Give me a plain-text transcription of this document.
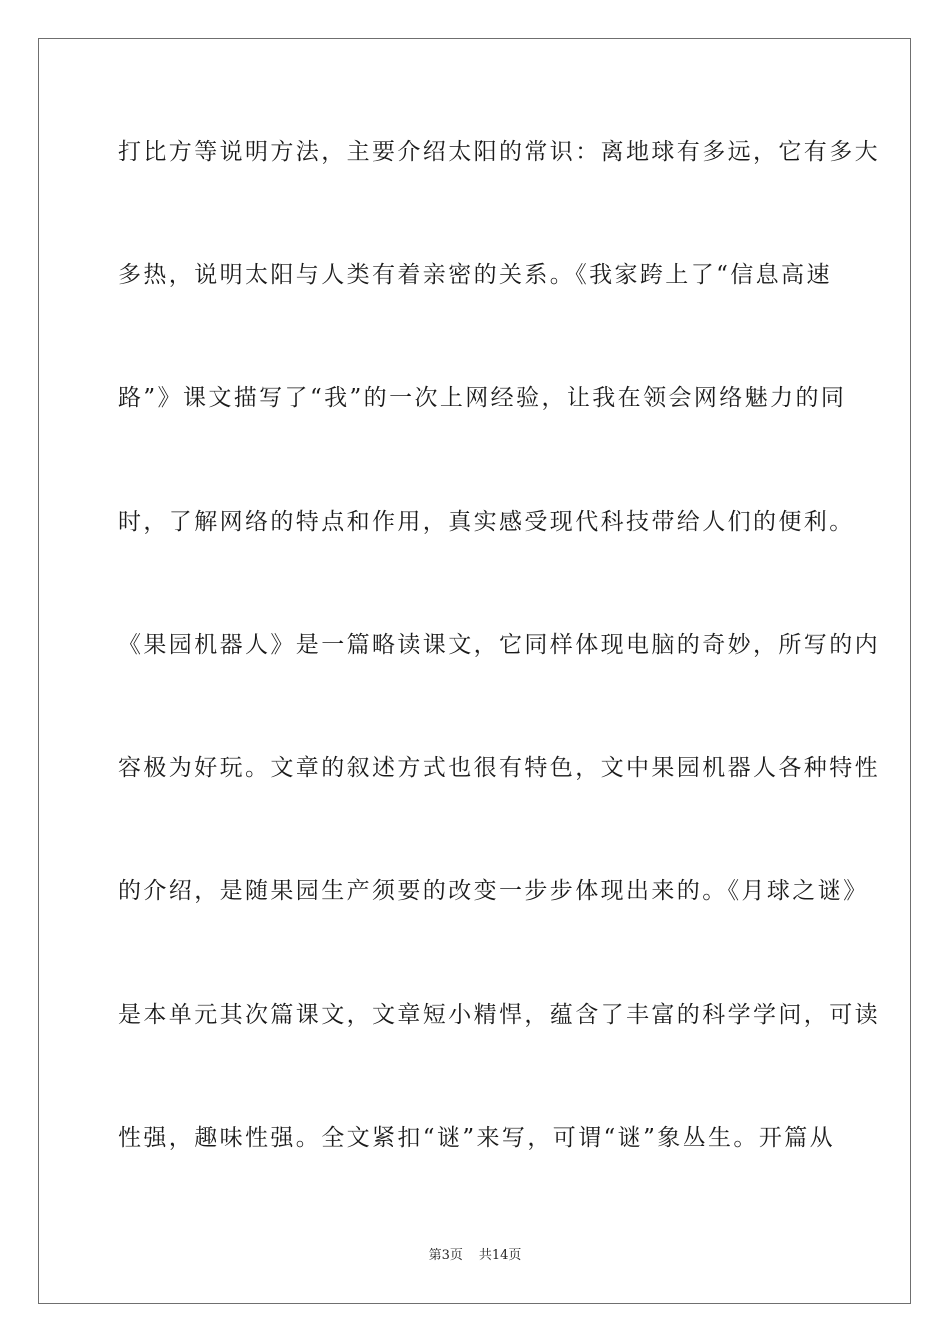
打比方等说明方法，主要介绍太阳的常识：离地球有多远，它有多大
多热，说明太阳与人类有着亲密的关系。《我家跨上了“信息高速
路”》课文描写了“我”的一次上网经验，让我在领会网络魅力的同
时，了解网络的特点和作用，真实感受现代科技带给人们的便利。
《果园机器人》是一篇略读课文，它同样体现电脑的奇妙，所写的内
容极为好玩。文章的叙述方式也很有特色，文中果园机器人各种特性
的介绍，是随果园生产须要的改变一步步体现出来的。《月球之谜》
是本单元其次篇课文，文章短小精悍，蕴含了丰富的科学学问，可读
性强，趣味性强。全文紧扣“谜”来写，可谓“谜”象丛生。开篇从
第3页 共14页
